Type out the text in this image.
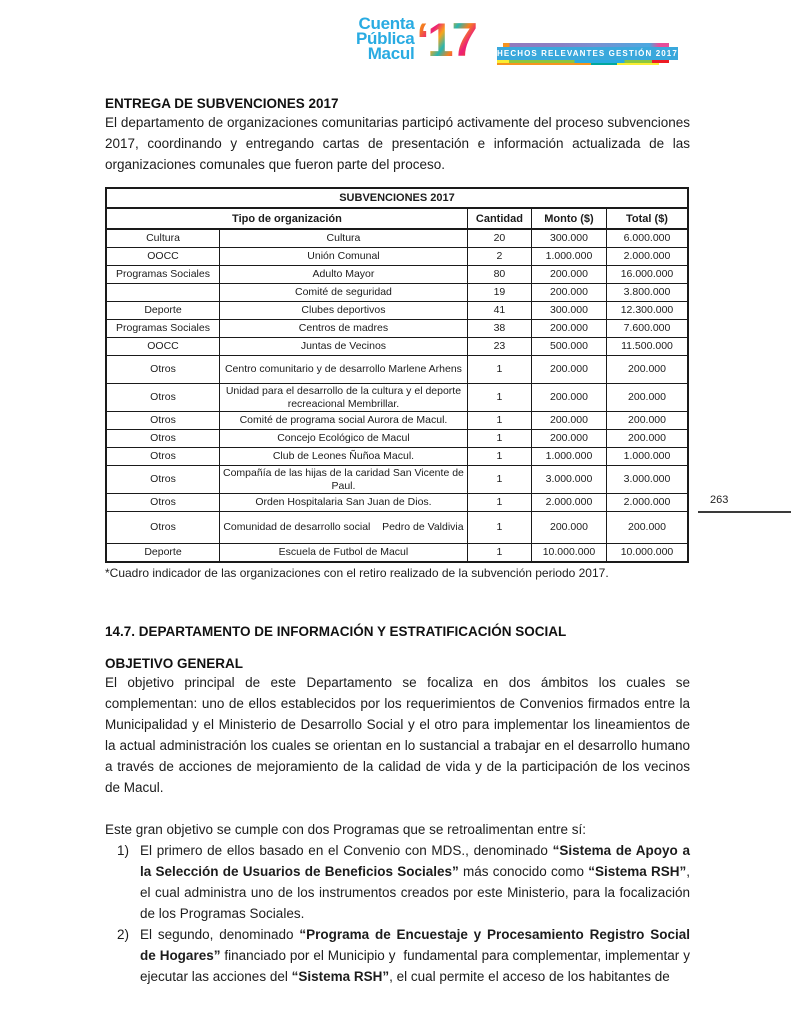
Cuenta
Pública
Macul ‘17	HECHOS RELEVANTES GESTIÓN 2017
ENTREGA DE SUBVENCIONES 2017

El departamento de organizaciones comunitarias participó activamente del proceso subvenciones 2017, coordinando y entregando cartas de presentación e información actualizada de las organizaciones comunales que fueron parte del proceso.

SUBVENCIONES 2017				
Tipo de organización		Cantidad	Monto ($)	Total ($)
Cultura	Cultura	20	300.000	6.000.000
OOCC	Unión Comunal	2	1.000.000	2.000.000
Programas Sociales	Adulto Mayor	80	200.000	16.000.000
	Comité de seguridad	19	200.000	3.800.000
Deporte	Clubes deportivos	41	300.000	12.300.000
Programas Sociales	Centros de madres	38	200.000	7.600.000
OOCC	Juntas de Vecinos	23	500.000	11.500.000
Otros	Centro comunitario y de desarrollo Marlene Arhens	1	200.000	200.000
Otros	Unidad para el desarrollo de la cultura y el deporte recreacional Membrillar.	1	200.000	200.000
Otros	Comité de programa social Aurora de Macul.	1	200.000	200.000
Otros	Concejo Ecológico de Macul	1	200.000	200.000
Otros	Club de Leones Ñuñoa Macul.	1	1.000.000	1.000.000
Otros	Compañía de las hijas de la caridad San Vicente de Paul.	1	3.000.000	3.000.000
Otros	Orden Hospitalaria San Juan de Dios.	1	2.000.000	2.000.000
Otros	Comunidad de desarrollo social    Pedro de Valdivia	1	200.000	200.000
Deporte	Escuela de Futbol de Macul	1	10.000.000	10.000.000

*Cuadro indicador de las organizaciones con el retiro realizado de la subvención periodo 2017.

14.7. DEPARTAMENTO DE INFORMACIÓN Y ESTRATIFICACIÓN SOCIAL
OBJETIVO GENERAL

El objetivo principal de este Departamento se focaliza en dos ámbitos los cuales se complementan: uno de ellos establecidos por los requerimientos de Convenios firmados entre la Municipalidad y el Ministerio de Desarrollo Social y el otro para implementar los lineamientos de la actual administración los cuales se orientan en lo sustancial a trabajar en el desarrollo humano a través de acciones de mejoramiento de la calidad de vida y de la participación de los vecinos de Macul.

Este gran objetivo se cumple con dos Programas que se retroalimentan entre sí:

1) El primero de ellos basado en el Convenio con MDS., denominado “Sistema de Apoyo a la Selección de Usuarios de Beneficios Sociales” más conocido como “Sistema RSH”, el cual administra uno de los instrumentos creados por este Ministerio, para la focalización de los Programas Sociales.
2) El segundo, denominado “Programa de Encuestaje y Procesamiento Registro Social de Hogares” financiado por el Municipio y  fundamental para complementar, implementar y ejecutar las acciones del “Sistema RSH”, el cual permite el acceso de los habitantes de
263
